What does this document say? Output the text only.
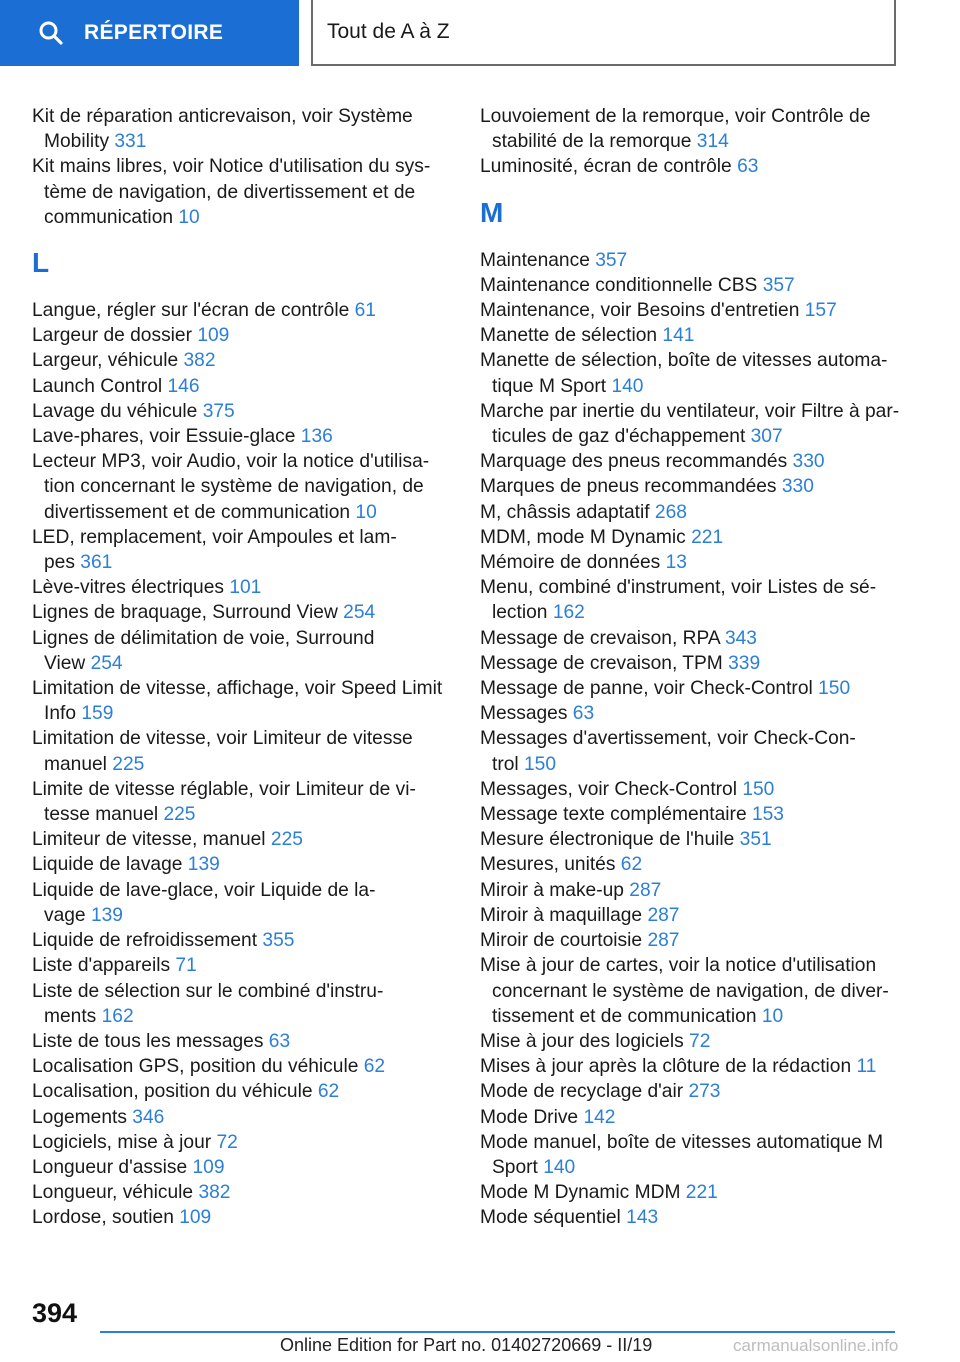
RÉPERTOIRE	Tout de A à Z
Kit de réparation anticrevaison, voir Système
Mobility 331
Kit mains libres, voir Notice d'utilisation du sys-
tème de navigation, de divertissement et de
communication 10
L
Langue, régler sur l'écran de contrôle 61
Largeur de dossier 109
Largeur, véhicule 382
Launch Control 146
Lavage du véhicule 375
Lave-phares, voir Essuie-glace 136
Lecteur MP3, voir Audio, voir la notice d'utilisa-
tion concernant le système de navigation, de
divertissement et de communication 10
LED, remplacement, voir Ampoules et lam-
pes 361
Lève-vitres électriques 101
Lignes de braquage, Surround View 254
Lignes de délimitation de voie, Surround
View 254
Limitation de vitesse, affichage, voir Speed Limit
Info 159
Limitation de vitesse, voir Limiteur de vitesse
manuel 225
Limite de vitesse réglable, voir Limiteur de vi-
tesse manuel 225
Limiteur de vitesse, manuel 225
Liquide de lavage 139
Liquide de lave-glace, voir Liquide de la-
vage 139
Liquide de refroidissement 355
Liste d'appareils 71
Liste de sélection sur le combiné d'instru-
ments 162
Liste de tous les messages 63
Localisation GPS, position du véhicule 62
Localisation, position du véhicule 62
Logements 346
Logiciels, mise à jour 72
Longueur d'assise 109
Longueur, véhicule 382
Lordose, soutien 109
Louvoiement de la remorque, voir Contrôle de
stabilité de la remorque 314
Luminosité, écran de contrôle 63
M
Maintenance 357
Maintenance conditionnelle CBS 357
Maintenance, voir Besoins d'entretien 157
Manette de sélection 141
Manette de sélection, boîte de vitesses automa-
tique M Sport 140
Marche par inertie du ventilateur, voir Filtre à par-
ticules de gaz d'échappement 307
Marquage des pneus recommandés 330
Marques de pneus recommandées 330
M, châssis adaptatif 268
MDM, mode M Dynamic 221
Mémoire de données 13
Menu, combiné d'instrument, voir Listes de sé-
lection 162
Message de crevaison, RPA 343
Message de crevaison, TPM 339
Message de panne, voir Check-Control 150
Messages 63
Messages d'avertissement, voir Check-Con-
trol 150
Messages, voir Check-Control 150
Message texte complémentaire 153
Mesure électronique de l'huile 351
Mesures, unités 62
Miroir à make-up 287
Miroir à maquillage 287
Miroir de courtoisie 287
Mise à jour de cartes, voir la notice d'utilisation
concernant le système de navigation, de diver-
tissement et de communication 10
Mise à jour des logiciels 72
Mises à jour après la clôture de la rédaction 11
Mode de recyclage d'air 273
Mode Drive 142
Mode manuel, boîte de vitesses automatique M
Sport 140
Mode M Dynamic MDM 221
Mode séquentiel 143
394
Online Edition for Part no. 01402720669 - II/19	carmanualsonline.info
